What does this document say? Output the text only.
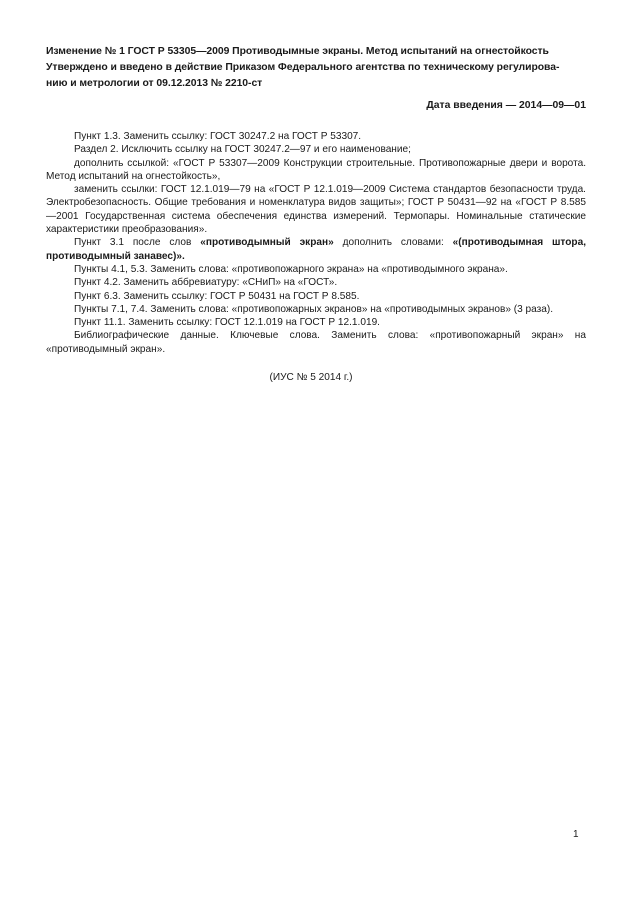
Изменение № 1 ГОСТ Р 53305—2009 Противодымные экраны. Метод испытаний на огнестойкость

Утверждено и введено в действие Приказом Федерального агентства по техническому регулирова-

нию и метрологии от 09.12.2013 № 2210-ст

Дата введения — 2014—09—01

Пункт 1.3. Заменить ссылку: ГОСТ 30247.2 на ГОСТ Р 53307.

Раздел 2. Исключить ссылку на ГОСТ 30247.2—97 и его наименование;

дополнить ссылкой: «ГОСТ Р 53307—2009 Конструкции строительные. Противопожарные двери и ворота. Метод испытаний на огнестойкость»,

заменить ссылки: ГОСТ 12.1.019—79 на «ГОСТ Р 12.1.019—2009 Система стандартов безопасности труда. Электробезопасность. Общие требования и номенклатура видов защиты»; ГОСТ Р 50431—92 на «ГОСТ Р 8.585—2001 Государственная система обеспечения единства измерений. Термопары. Номинальные статические характеристики преобразования».

Пункт 3.1 после слов «противодымный экран» дополнить словами: «(противодымная штора, противодымный занавес)».

Пункты 4.1, 5.3. Заменить слова: «противопожарного экрана» на «противодымного экрана».

Пункт 4.2. Заменить аббревиатуру: «СНиП» на «ГОСТ».

Пункт 6.3. Заменить ссылку: ГОСТ Р 50431 на ГОСТ Р 8.585.

Пункты 7.1, 7.4. Заменить слова: «противопожарных экранов» на «противодымных экранов» (3 раза).

Пункт 11.1. Заменить ссылку: ГОСТ 12.1.019 на ГОСТ Р 12.1.019.

Библиографические данные. Ключевые слова. Заменить слова: «противопожарный экран» на «противодымный экран».

(ИУС № 5 2014 г.)
1
